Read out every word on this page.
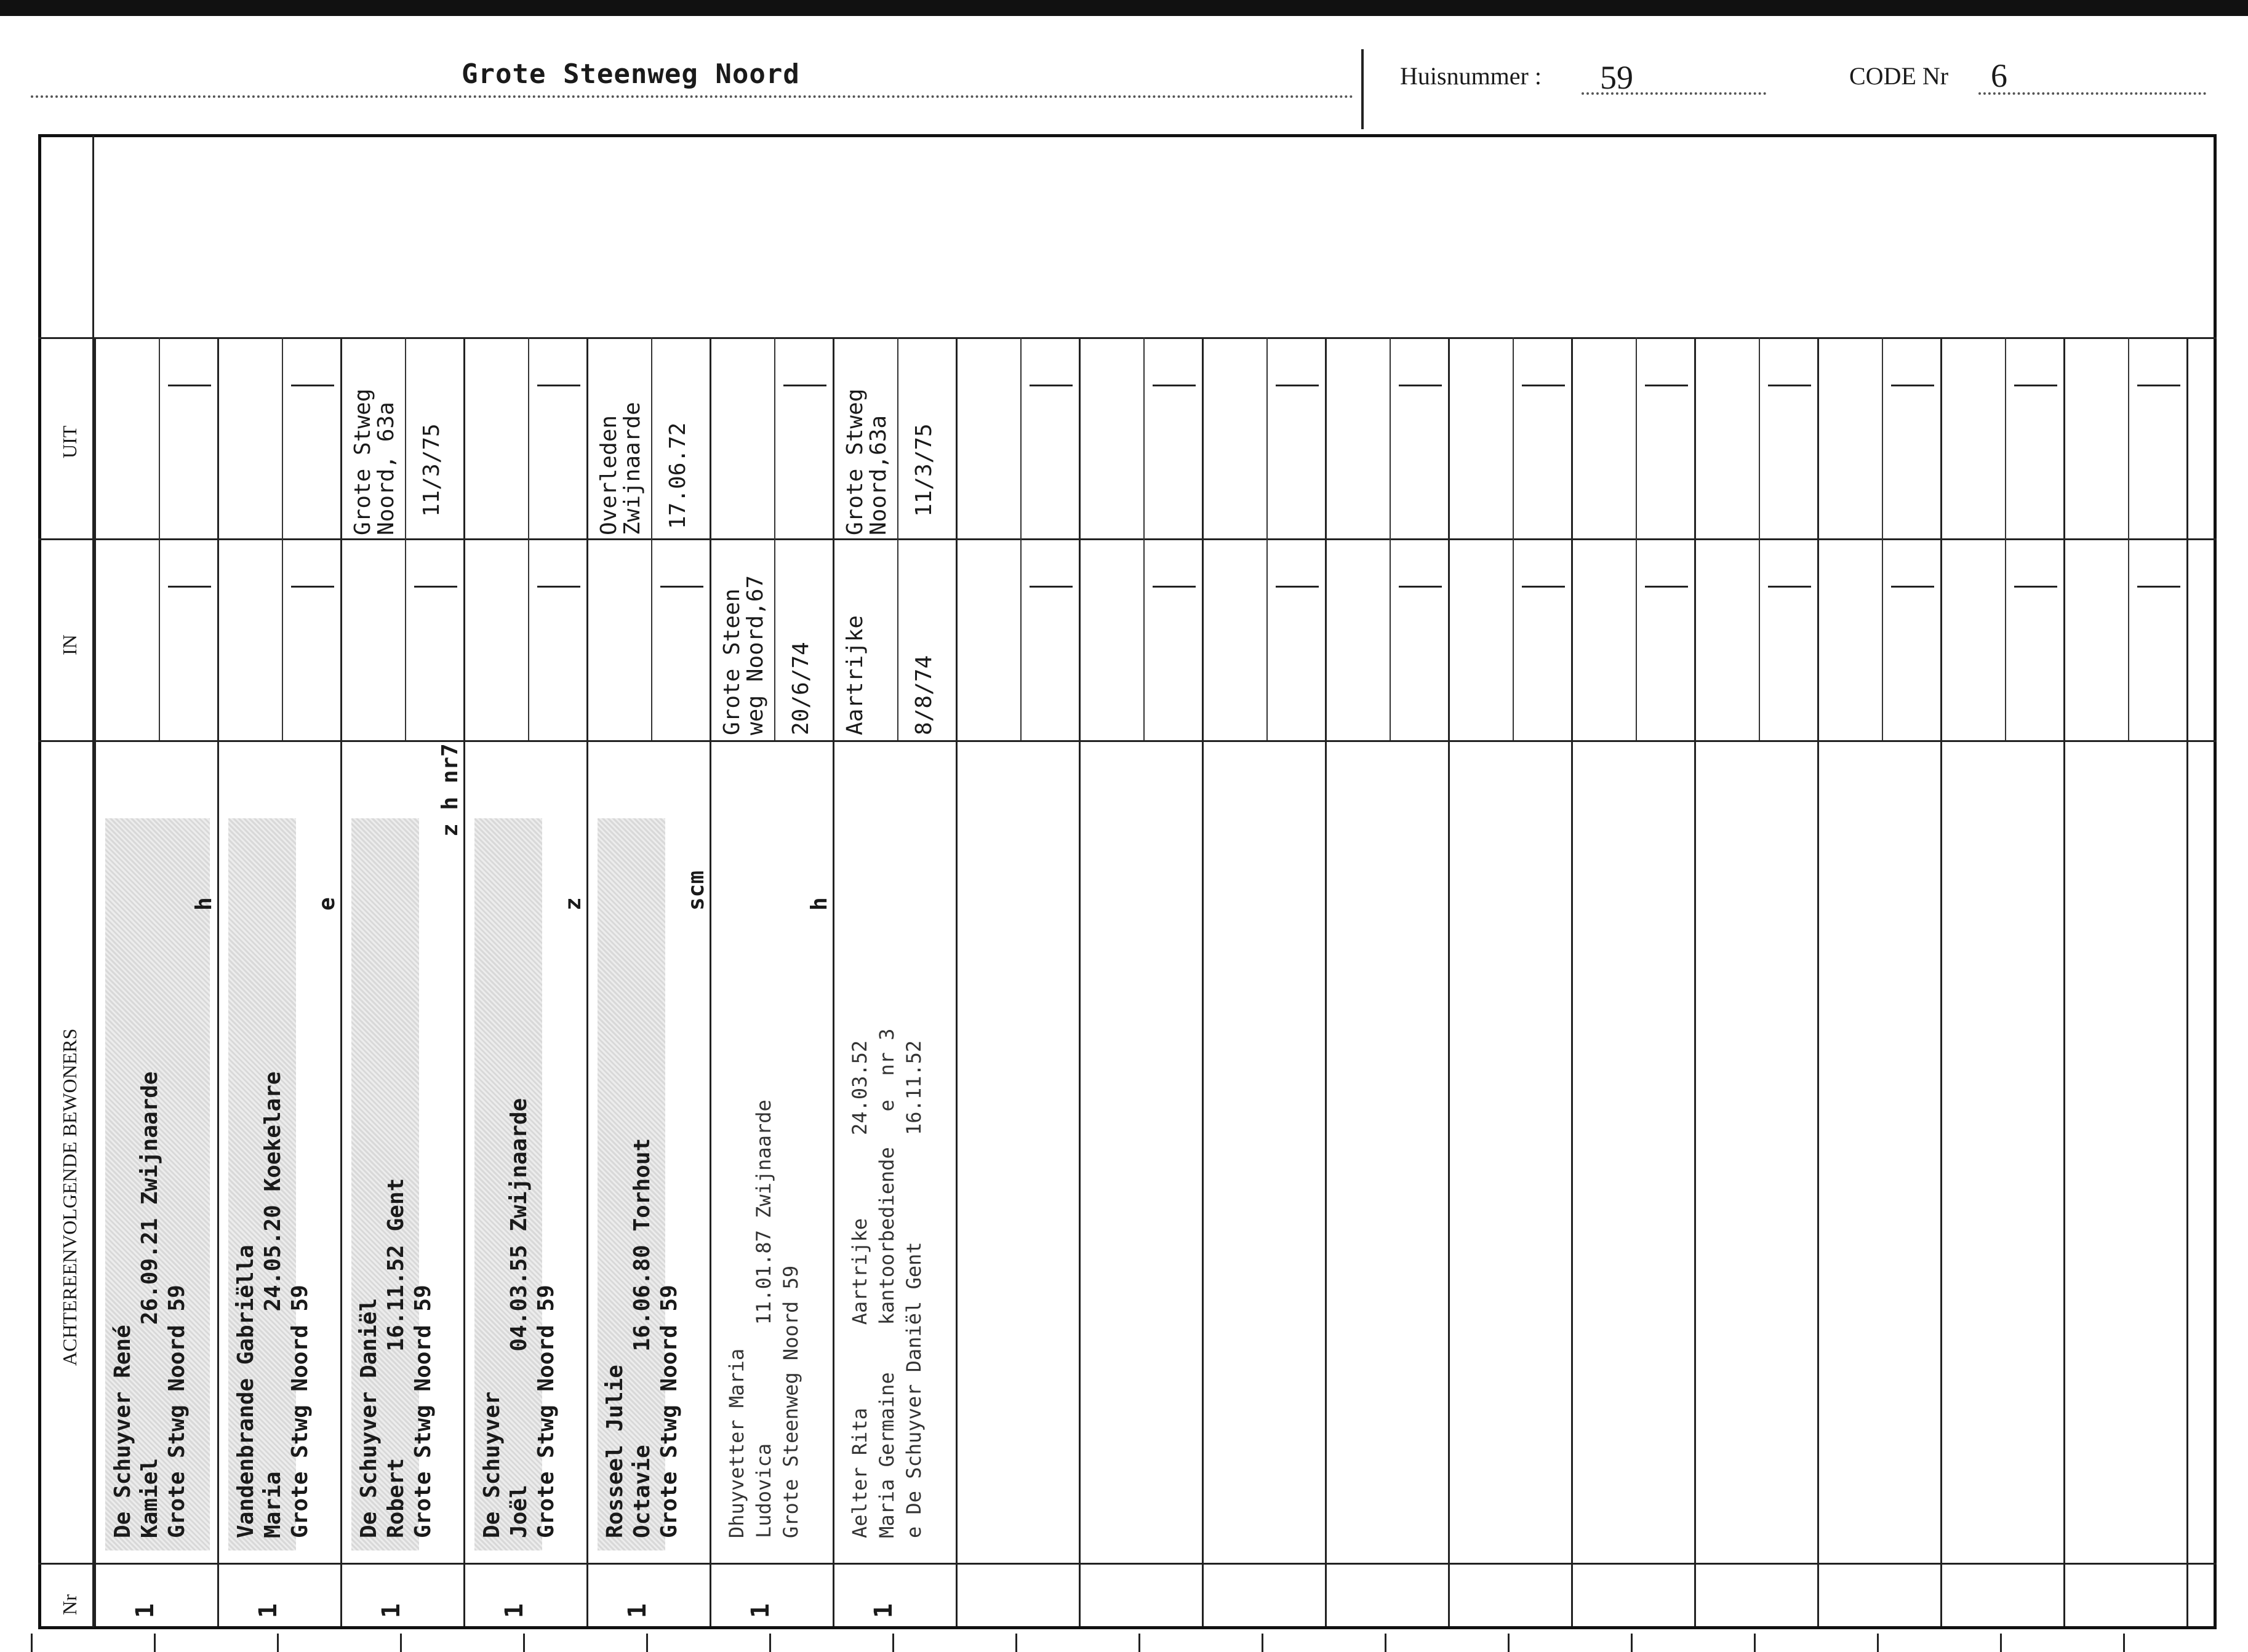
Grote Steenweg Noord	Huisnummer : 59	CODE Nr 6
UIT
IN
ACHTEREENVOLGENDE BEWONERS
Nr
De Schuyver René Kamiel          26.09.21 Zwijnaarde Grote Stwg Noord 59
h
1
Vandenbrande Gabriëlla Maria            24.05.20 Koekelare Grote Stwg Noord 59
e
1
De Schuyver Daniël Robert        16.11.52 Gent Grote Stwg Noord 59
z h nr7
Grote Stweg
Noord, 63a
11/3/75
1
De Schuyver Joël          04.03.55 Zwijnaarde Grote Stwg Noord 59
z
1
Rosseel Julie Octavie       16.06.80 Torhout Grote Stwg Noord 59
scm
Overleden
Zwijnaarde 17.06.72
1
Dhuyvetter Maria Ludovica          11.01.87 Zwijnaarde Grote Steenweg Noord 59
h
Grote Steen
weg Noord,67
20/6/74
1
Aelter Rita       Aartrijke       24.03.52 Maria Germaine    kantoorbediende   e  nr 3 e De Schuyver Daniël Gent         16.11.52
Aartrijke 8/8/74
Grote Stweg
Noord,63a 11/3/75
1
